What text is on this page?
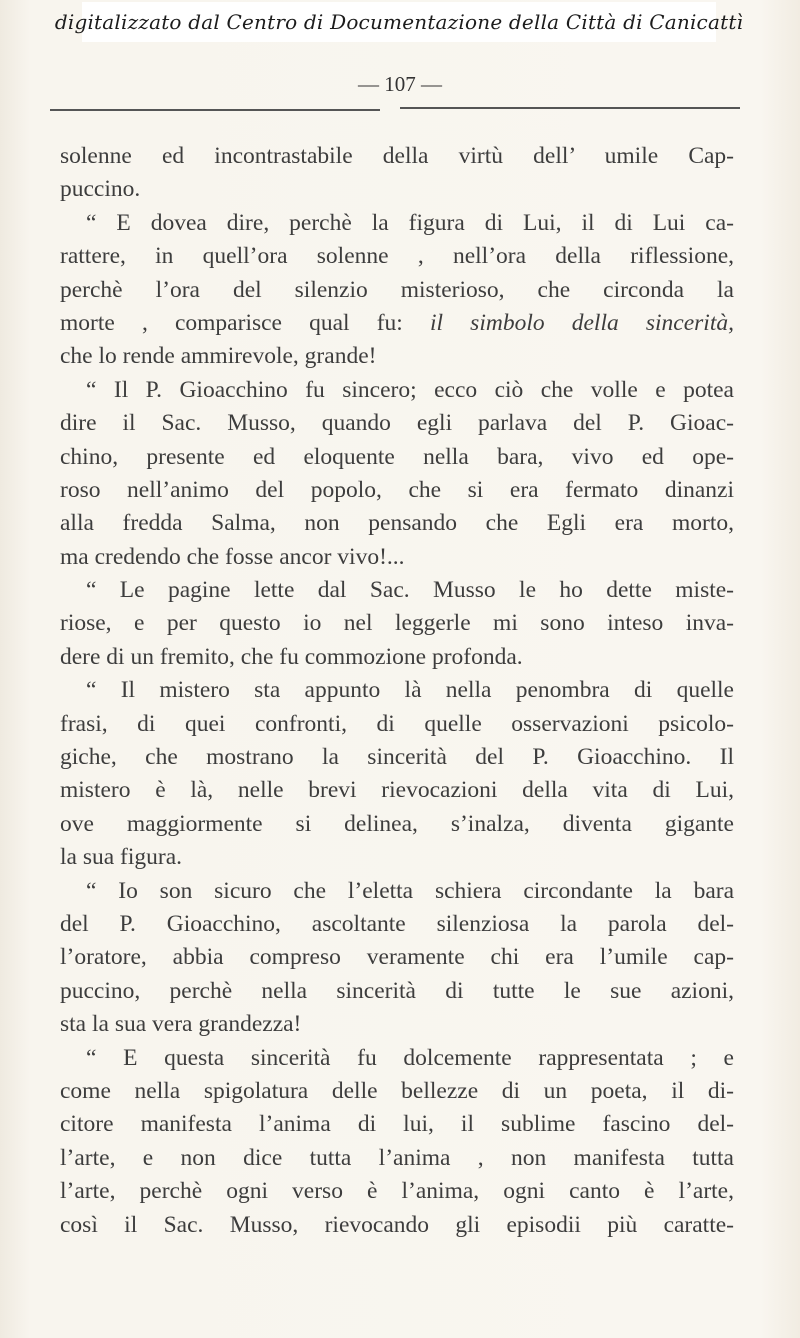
digitalizzato dal Centro di Documentazione della Città di Canicattì
— 107 —
solenne ed incontrastabile della virtù dell’ umile Cap-
puccino.
“ E dovea dire, perchè la figura di Lui, il di Lui ca-
rattere, in quell’ora solenne , nell’ora della riflessione,
perchè l’ora del silenzio misterioso, che circonda la
morte , comparisce qual fu: il simbolo della sincerità,
che lo rende ammirevole, grande!
“ Il P. Gioacchino fu sincero; ecco ciò che volle e potea
dire il Sac. Musso, quando egli parlava del P. Gioac-
chino, presente ed eloquente nella bara, vivo ed ope-
roso nell’animo del popolo, che si era fermato dinanzi
alla fredda Salma, non pensando che Egli era morto,
ma credendo che fosse ancor vivo!...
“ Le pagine lette dal Sac. Musso le ho dette miste-
riose, e per questo io nel leggerle mi sono inteso inva-
dere di un fremito, che fu commozione profonda.
“ Il mistero sta appunto là nella penombra di quelle
frasi, di quei confronti, di quelle osservazioni psicolo-
giche, che mostrano la sincerità del P. Gioacchino. Il
mistero è là, nelle brevi rievocazioni della vita di Lui,
ove maggiormente si delinea, s’inalza, diventa gigante
la sua figura.
“ Io son sicuro che l’eletta schiera circondante la bara
del P. Gioacchino, ascoltante silenziosa la parola del-
l’oratore, abbia compreso veramente chi era l’umile cap-
puccino, perchè nella sincerità di tutte le sue azioni,
sta la sua vera grandezza!
“ E questa sincerità fu dolcemente rappresentata ; e
come nella spigolatura delle bellezze di un poeta, il di-
citore manifesta l’anima di lui, il sublime fascino del-
l’arte, e non dice tutta l’anima , non manifesta tutta
l’arte, perchè ogni verso è l’anima, ogni canto è l’arte,
così il Sac. Musso, rievocando gli episodii più caratte-
